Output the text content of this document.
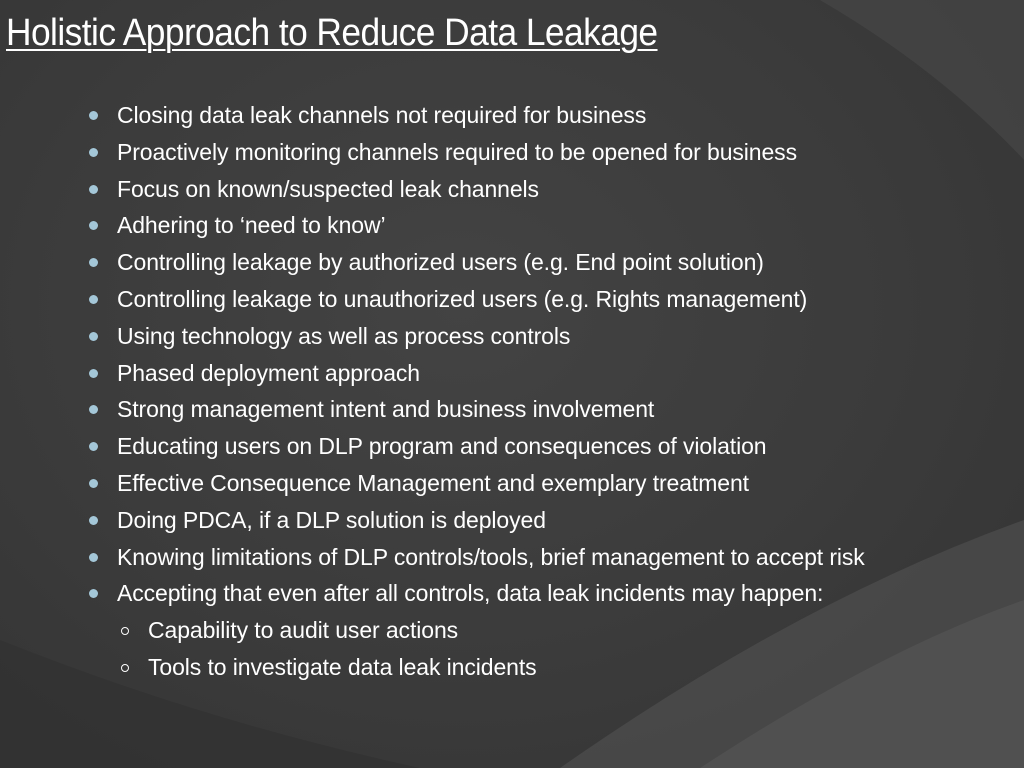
Holistic Approach to Reduce Data Leakage
Closing data leak channels not required for business
Proactively monitoring channels required to be opened for business
Focus on known/suspected leak channels
Adhering to ‘need to know’
Controlling leakage by authorized users (e.g. End point solution)
Controlling leakage to unauthorized users (e.g. Rights management)
Using technology as well as process controls
Phased deployment approach
Strong management intent and business involvement
Educating users on DLP program and consequences of violation
Effective Consequence Management and exemplary treatment
Doing PDCA, if a DLP solution is deployed
Knowing limitations of DLP controls/tools, brief management to accept risk
Accepting that even after all controls, data leak incidents may happen:
Capability to audit user actions
Tools to investigate data leak incidents
